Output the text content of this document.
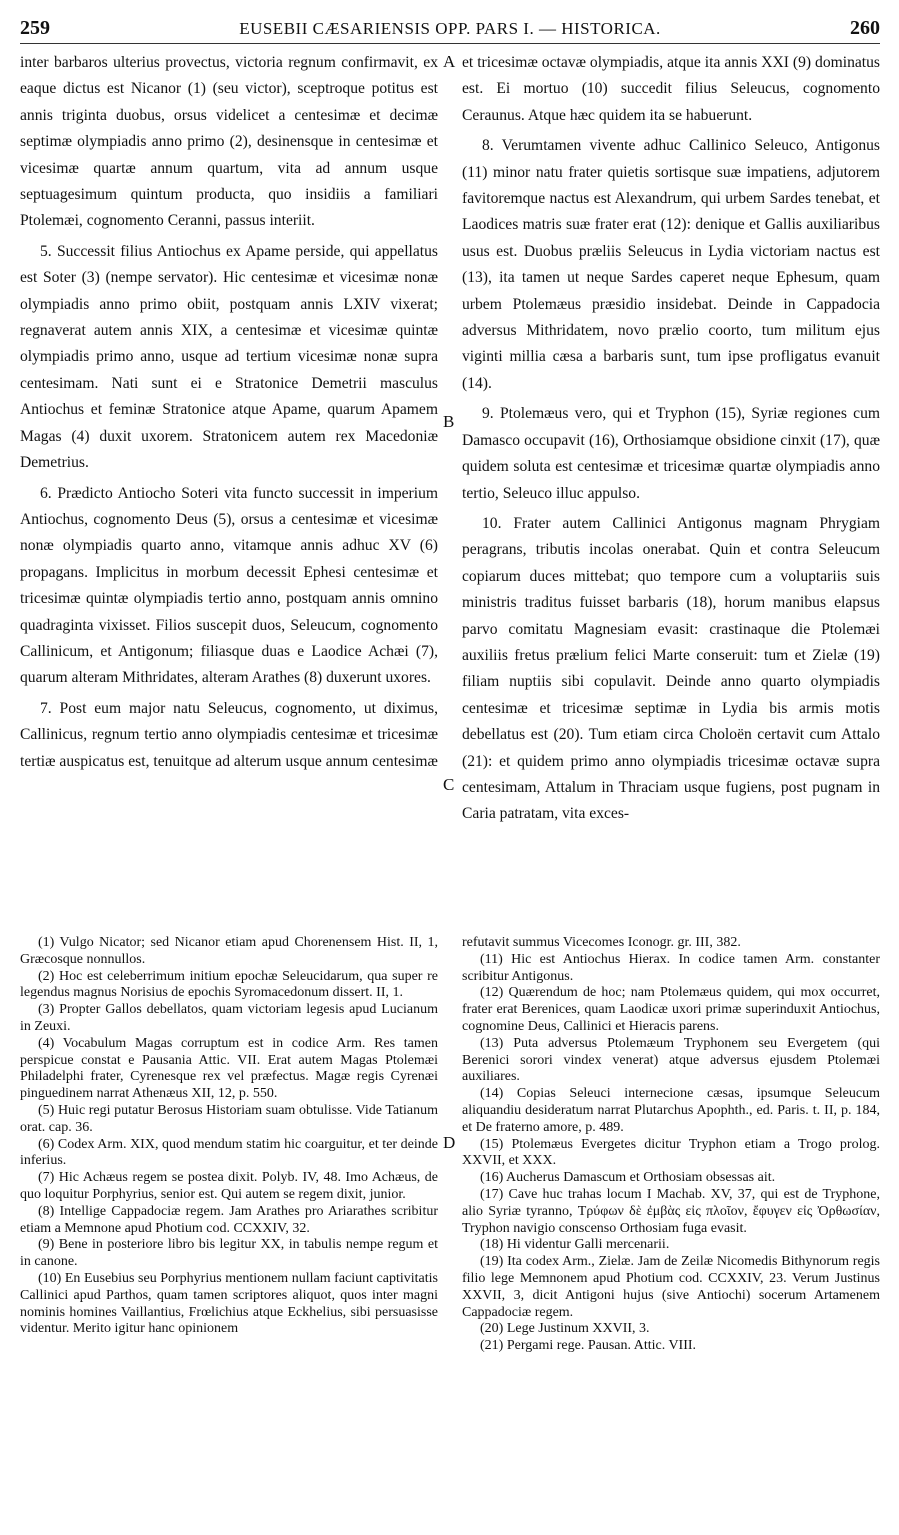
259	EUSEBII CÆSARIENSIS OPP. PARS I. — HISTORICA.	260
A
B
C
D

inter barbaros ulterius provectus, victoria regnum confirmavit, ex eaque dictus est Nicanor (1) (seu victor), sceptroque potitus est annis triginta duobus, orsus videlicet a centesimæ et decimæ septimæ olympiadis anno primo (2), desinensque in centesimæ et vicesimæ quartæ annum quartum, vita ad annum usque septuagesimum quintum producta, quo insidiis a familiari Ptolemæi, cognomento Ceranni, passus interiit.

5. Successit filius Antiochus ex Apame perside, qui appellatus est Soter (3) (nempe servator). Hic centesimæ et vicesimæ nonæ olympiadis anno primo obiit, postquam annis LXIV vixerat; regnaverat autem annis XIX, a centesimæ et vicesimæ quintæ olympiadis primo anno, usque ad tertium vicesimæ nonæ supra centesimam. Nati sunt ei e Stratonice Demetrii masculus Antiochus et feminæ Stratonice atque Apame, quarum Apamem Magas (4) duxit uxorem. Stratonicem autem rex Macedoniæ Demetrius.

6. Prædicto Antiocho Soteri vita functo successit in imperium Antiochus, cognomento Deus (5), orsus a centesimæ et vicesimæ nonæ olympiadis quarto anno, vitamque annis adhuc XV (6) propagans. Implicitus in morbum decessit Ephesi centesimæ et tricesimæ quintæ olympiadis tertio anno, postquam annis omnino quadraginta vixisset. Filios suscepit duos, Seleucum, cognomento Callinicum, et Antigonum; filiasque duas e Laodice Achæi (7), quarum alteram Mithridates, alteram Arathes (8) duxerunt uxores.

7. Post eum major natu Seleucus, cognomento, ut diximus, Callinicus, regnum tertio anno olympiadis centesimæ et tricesimæ tertiæ auspicatus est, tenuitque ad alterum usque annum centesimæ

et tricesimæ octavæ olympiadis, atque ita annis XXI (9) dominatus est. Ei mortuo (10) succedit filius Seleucus, cognomento Ceraunus. Atque hæc quidem ita se habuerunt.

8. Verumtamen vivente adhuc Callinico Seleuco, Antigonus (11) minor natu frater quietis sortisque suæ impatiens, adjutorem favitoremque nactus est Alexandrum, qui urbem Sardes tenebat, et Laodices matris suæ frater erat (12): denique et Gallis auxiliaribus usus est. Duobus præliis Seleucus in Lydia victoriam nactus est (13), ita tamen ut neque Sardes caperet neque Ephesum, quam urbem Ptolemæus præsidio insidebat. Deinde in Cappadocia adversus Mithridatem, novo prælio coorto, tum militum ejus viginti millia cæsa a barbaris sunt, tum ipse profligatus evanuit (14).

9. Ptolemæus vero, qui et Tryphon (15), Syriæ regiones cum Damasco occupavit (16), Orthosiamque obsidione cinxit (17), quæ quidem soluta est centesimæ et tricesimæ quartæ olympiadis anno tertio, Seleuco illuc appulso.

10. Frater autem Callinici Antigonus magnam Phrygiam peragrans, tributis incolas onerabat. Quin et contra Seleucum copiarum duces mittebat; quo tempore cum a voluptariis suis ministris traditus fuisset barbaris (18), horum manibus elapsus parvo comitatu Magnesiam evasit: crastinaque die Ptolemæi auxiliis fretus prælium felici Marte conseruit: tum et Zielæ (19) filiam nuptiis sibi copulavit. Deinde anno quarto olympiadis centesimæ et tricesimæ septimæ in Lydia bis armis motis debellatus est (20). Tum etiam circa Choloën certavit cum Attalo (21): et quidem primo anno olympiadis tricesimæ octavæ supra centesimam, Attalum in Thraciam usque fugiens, post pugnam in Caria patratam, vita exces-

(1) Vulgo Nicator; sed Nicanor etiam apud Chorenensem Hist. II, 1, Græcosque nonnullos.

(2) Hoc est celeberrimum initium epochæ Seleucidarum, qua super re legendus magnus Norisius de epochis Syromacedonum dissert. II, 1.

(3) Propter Gallos debellatos, quam victoriam legesis apud Lucianum in Zeuxi.

(4) Vocabulum Magas corruptum est in codice Arm. Res tamen perspicue constat e Pausania Attic. VII. Erat autem Magas Ptolemæi Philadelphi frater, Cyrenesque rex vel præfectus. Magæ regis Cyrenæi pinguedinem narrat Athenæus XII, 12, p. 550.

(5) Huic regi putatur Berosus Historiam suam obtulisse. Vide Tatianum orat. cap. 36.

(6) Codex Arm. XIX, quod mendum statim hic coarguitur, et ter deinde inferius.

(7) Hic Achæus regem se postea dixit. Polyb. IV, 48. Imo Achæus, de quo loquitur Porphyrius, senior est. Qui autem se regem dixit, junior.

(8) Intellige Cappadociæ regem. Jam Arathes pro Ariarathes scribitur etiam a Memnone apud Photium cod. CCXXIV, 32.

(9) Bene in posteriore libro bis legitur XX, in tabulis nempe regum et in canone.

(10) En Eusebius seu Porphyrius mentionem nullam faciunt captivitatis Callinici apud Parthos, quam tamen scriptores aliquot, quos inter magni nominis homines Vaillantius, Frœlichius atque Eckhelius, sibi persuasisse videntur. Merito igitur hanc opinionem

refutavit summus Vicecomes Iconogr. gr. III, 382.

(11) Hic est Antiochus Hierax. In codice tamen Arm. constanter scribitur Antigonus.

(12) Quærendum de hoc; nam Ptolemæus quidem, qui mox occurret, frater erat Berenices, quam Laodicæ uxori primæ superinduxit Antiochus, cognomine Deus, Callinici et Hieracis parens.

(13) Puta adversus Ptolemæum Tryphonem seu Evergetem (qui Berenici sorori vindex venerat) atque adversus ejusdem Ptolemæi auxiliares.

(14) Copias Seleuci internecione cæsas, ipsumque Seleucum aliquandiu desideratum narrat Plutarchus Apophth., ed. Paris. t. II, p. 184, et De fraterno amore, p. 489.

(15) Ptolemæus Evergetes dicitur Tryphon etiam a Trogo prolog. XXVII, et XXX.

(16) Aucherus Damascum et Orthosiam obsessas ait.

(17) Cave huc trahas locum I Machab. XV, 37, qui est de Tryphone, alio Syriæ tyranno, Τρύφων δὲ ἐμβὰς εἰς πλοῖον, ἔφυγεν εἰς Ὀρθωσίαν, Tryphon navigio conscenso Orthosiam fuga evasit.

(18) Hi videntur Galli mercenarii.

(19) Ita codex Arm., Zielæ. Jam de Zeilæ Nicomedis Bithynorum regis filio lege Memnonem apud Photium cod. CCXXIV, 23. Verum Justinus XXVII, 3, dicit Antigoni hujus (sive Antiochi) socerum Artamenem Cappadociæ regem.

(20) Lege Justinum XXVII, 3.

(21) Pergami rege. Pausan. Attic. VIII.
